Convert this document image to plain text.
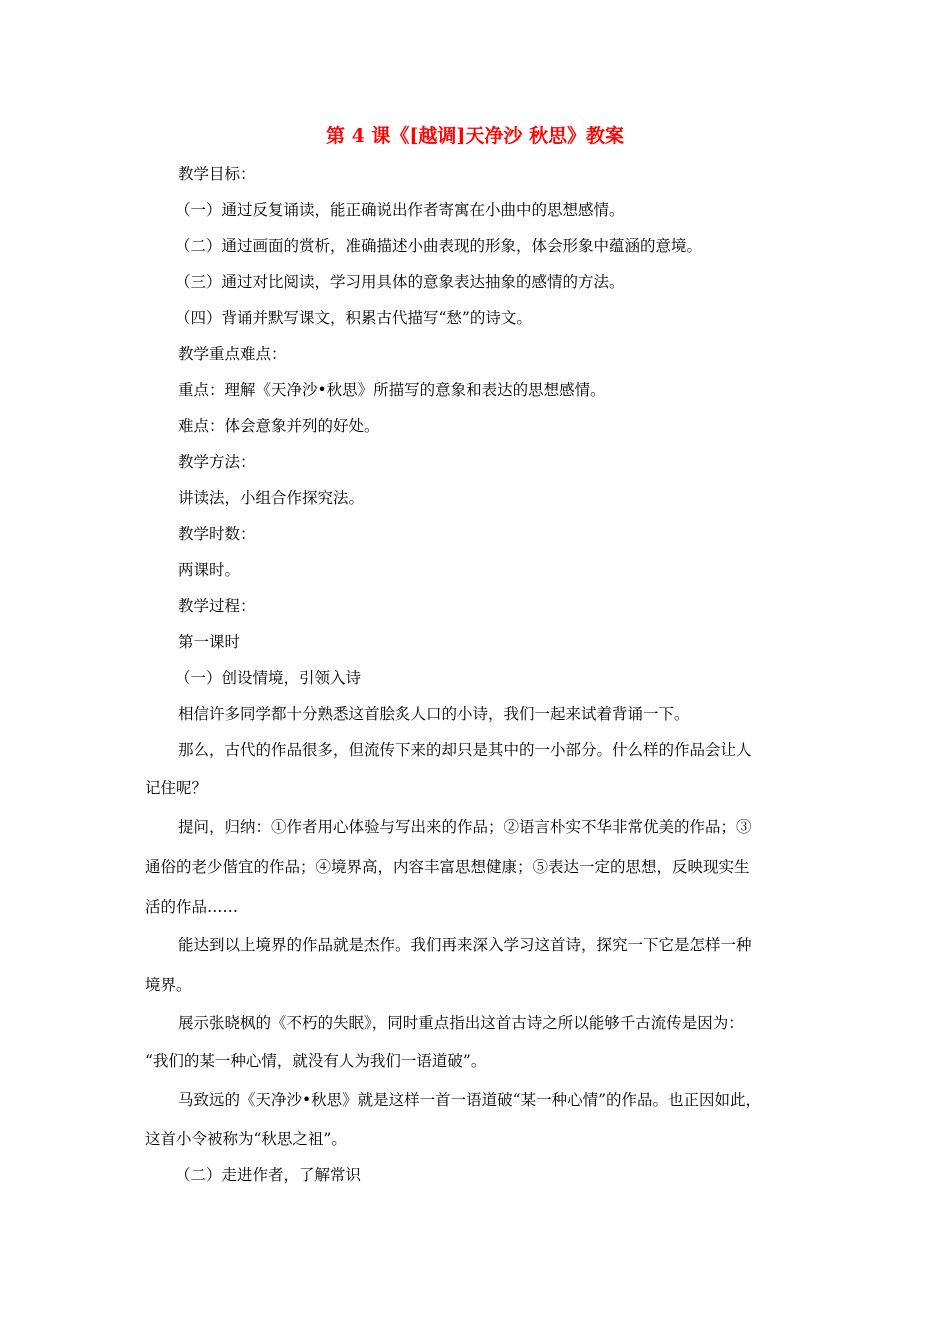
第 4 课《[越调]天净沙 秋思》教案
教学目标：
（一）通过反复诵读，能正确说出作者寄寓在小曲中的思想感情。
（二）通过画面的赏析，准确描述小曲表现的形象，体会形象中蕴涵的意境。
（三）通过对比阅读，学习用具体的意象表达抽象的感情的方法。
（四）背诵并默写课文，积累古代描写“愁”的诗文。
教学重点难点：
重点：理解《天净沙•秋思》所描写的意象和表达的思想感情。
难点：体会意象并列的好处。
教学方法：
讲读法，小组合作探究法。
教学时数：
两课时。
教学过程：
第一课时
（一）创设情境，引领入诗
相信许多同学都十分熟悉这首脍炙人口的小诗，我们一起来试着背诵一下。
那么，古代的作品很多，但流传下来的却只是其中的一小部分。什么样的作品会让人
记住呢？
提问，归纳：①作者用心体验与写出来的作品；②语言朴实不华非常优美的作品；③
通俗的老少偕宜的作品；④境界高，内容丰富思想健康；⑤表达一定的思想，反映现实生
活的作品……
能达到以上境界的作品就是杰作。我们再来深入学习这首诗，探究一下它是怎样一种
境界。
展示张晓枫的《不朽的失眠》，同时重点指出这首古诗之所以能够千古流传是因为：
“我们的某一种心情，就没有人为我们一语道破”。
马致远的《天净沙•秋思》就是这样一首一语道破“某一种心情”的作品。也正因如此，
这首小令被称为“秋思之祖”。
（二）走进作者，了解常识
